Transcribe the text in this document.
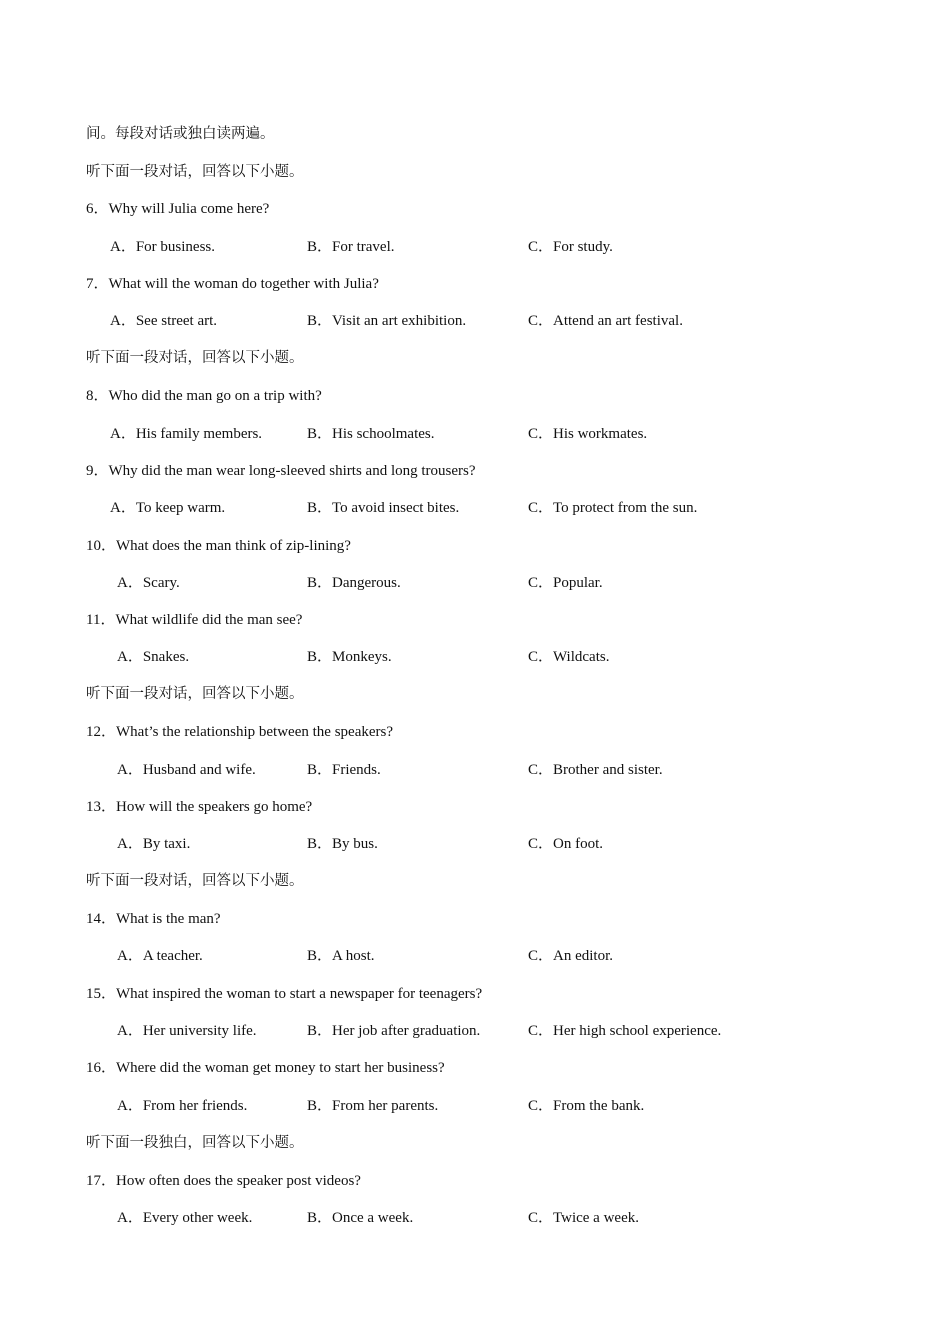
间。每段对话或独白读两遍。
听下面一段对话，回答以下小题。
6．Why will Julia come here?
A．For business.	B．For travel.	C．For study.
7．What will the woman do together with Julia?
A．See street art.	B．Visit an art exhibition.	C．Attend an art festival.
听下面一段对话，回答以下小题。
8．Who did the man go on a trip with?
A．His family members.	B．His schoolmates.	C．His workmates.
9．Why did the man wear long-sleeved shirts and long trousers?
A．To keep warm.	B．To avoid insect bites.	C．To protect from the sun.
10．What does the man think of zip-lining?
A．Scary.	B．Dangerous.	C．Popular.
11．What wildlife did the man see?
A．Snakes.	B．Monkeys.	C．Wildcats.
听下面一段对话，回答以下小题。
12．What’s the relationship between the speakers?
A．Husband and wife.	B．Friends.	C．Brother and sister.
13．How will the speakers go home?
A．By taxi.	B．By bus.	C．On foot.
听下面一段对话，回答以下小题。
14．What is the man?
A．A teacher.	B．A host.	C．An editor.
15．What inspired the woman to start a newspaper for teenagers?
A．Her university life.	B．Her job after graduation.	C．Her high school experience.
16．Where did the woman get money to start her business?
A．From her friends.	B．From her parents.	C．From the bank.
听下面一段独白，回答以下小题。
17．How often does the speaker post videos?
A．Every other week.	B．Once a week.	C．Twice a week.
